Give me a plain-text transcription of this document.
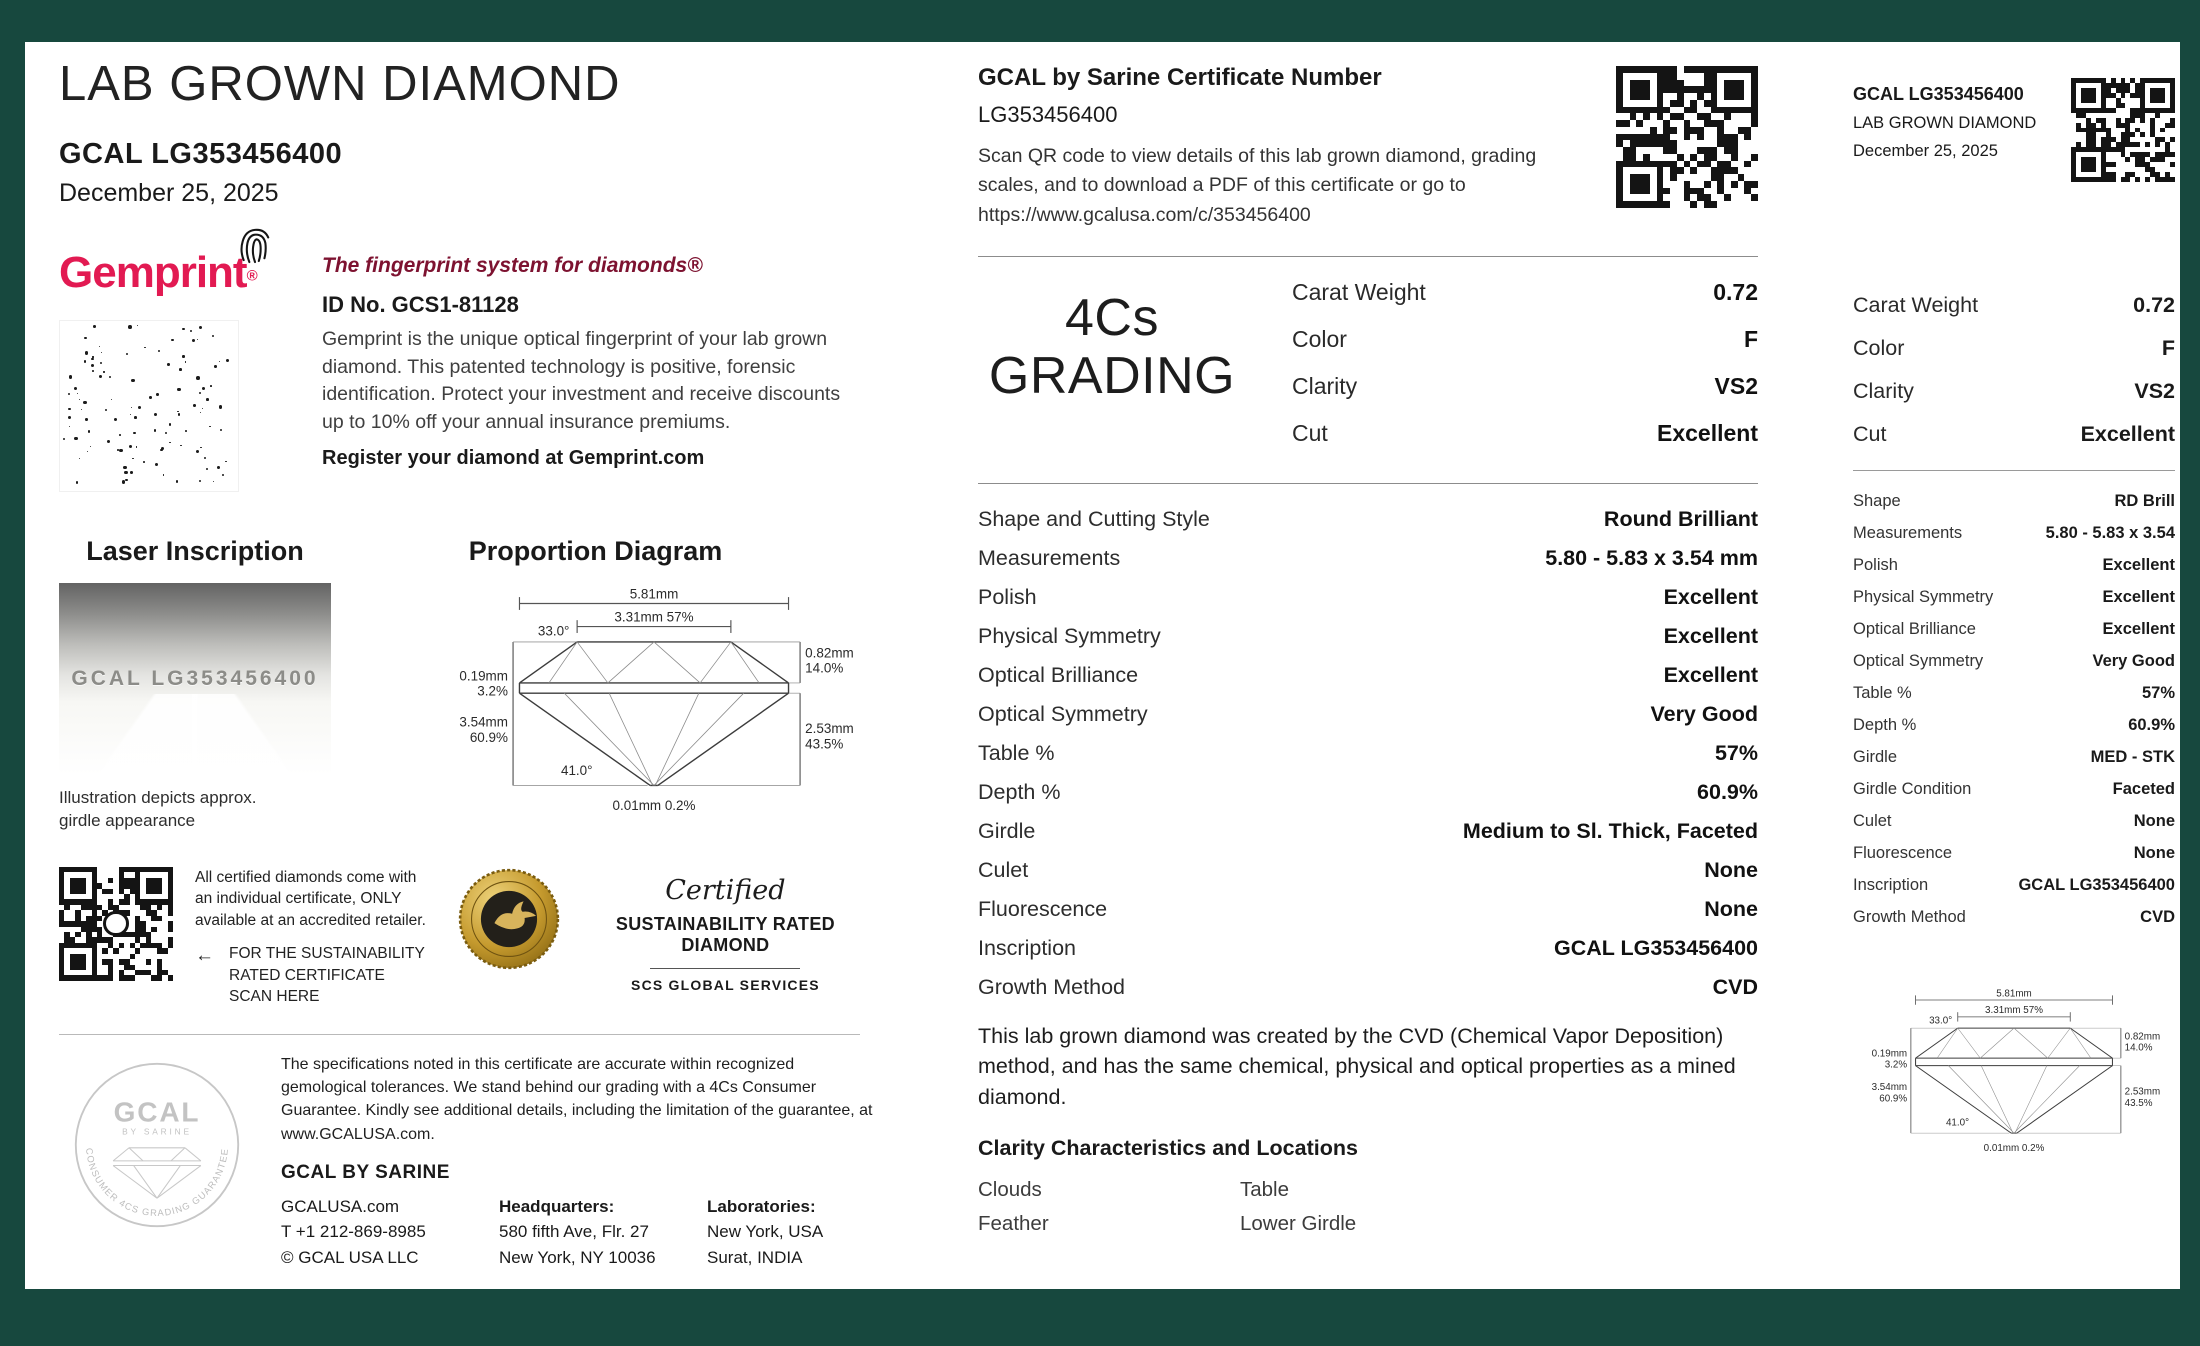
LAB GROWN DIAMOND
GCAL LG353456400
December 25, 2025
Gemprint®	The fingerprint system for diamonds®
ID No. GCS1-81128

Gemprint is the unique optical fingerprint of your lab grown diamond. This patented technology is positive, forensic identification. Protect your investment and receive discounts up to 10% off your annual insurance premiums.

Register your diamond at Gemprint.com
Laser Inscription	Proportion Diagram
GCAL LG353456400
Illustration depicts approx.
girdle appearance
5.81mm
3.31mm 57%
33.0°
0.19mm
3.2%
3.54mm
60.9%
0.82mm
14.0%
2.53mm
43.5%
41.0°
0.01mm 0.2%
All certified diamonds come with
an individual certificate, ONLY
available at an accredited retailer.
← FOR THE SUSTAINABILITY
RATED CERTIFICATE SCAN HERE
Certified
SUSTAINABILITY RATED DIAMOND
SCS GLOBAL SERVICES
CONSUMER 4CS GRADING GUARANTEE
GCAL
BY SARINE

The specifications noted in this certificate are accurate within recognized gemological tolerances. We stand behind our grading with a 4Cs Consumer Guarantee. Kindly see additional details, including the limitation of the guarantee, at www.GCALUSA.com.

GCAL BY SARINE
GCALUSA.com
T +1 212-869-8985
© GCAL USA LLC
Headquarters:
580 fifth Ave, Flr. 27
New York, NY 10036
Laboratories:
New York, USA
Surat, INDIA
GCAL by Sarine Certificate Number
LG353456400

Scan QR code to view details of this lab grown diamond, grading scales, and to download a PDF of this certificate or go to https://www.gcalusa.com/c/353456400

4Cs
GRADING
Carat Weight	0.72
Color	F
Clarity	VS2
Cut	Excellent
Shape and Cutting Style	Round Brilliant
Measurements	5.80 - 5.83 x 3.54 mm
Polish	Excellent
Physical Symmetry	Excellent
Optical Brilliance	Excellent
Optical Symmetry	Very Good
Table %	57%
Depth %	60.9%
Girdle	Medium to Sl. Thick, Faceted
Culet	None
Fluorescence	None
Inscription	GCAL LG353456400
Growth Method	CVD

This lab grown diamond was created by the CVD (Chemical Vapor Deposition) method, and has the same chemical, physical and optical properties as a mined diamond.

Clarity Characteristics and Locations
Clouds	Table
Feather	Lower Girdle
GCAL LG353456400
LAB GROWN DIAMOND
December 25, 2025
Carat Weight	0.72
Color	F
Clarity	VS2
Cut	Excellent
Shape	RD Brill
Measurements	5.80 - 5.83 x 3.54
Polish	Excellent
Physical Symmetry	Excellent
Optical Brilliance	Excellent
Optical Symmetry	Very Good
Table %	57%
Depth %	60.9%
Girdle	MED - STK
Girdle Condition	Faceted
Culet	None
Fluorescence	None
Inscription	GCAL LG353456400
Growth Method	CVD
5.81mm
3.31mm 57%
33.0°
0.19mm
3.2%
3.54mm
60.9%
0.82mm
14.0%
2.53mm
43.5%
41.0°
0.01mm 0.2%
